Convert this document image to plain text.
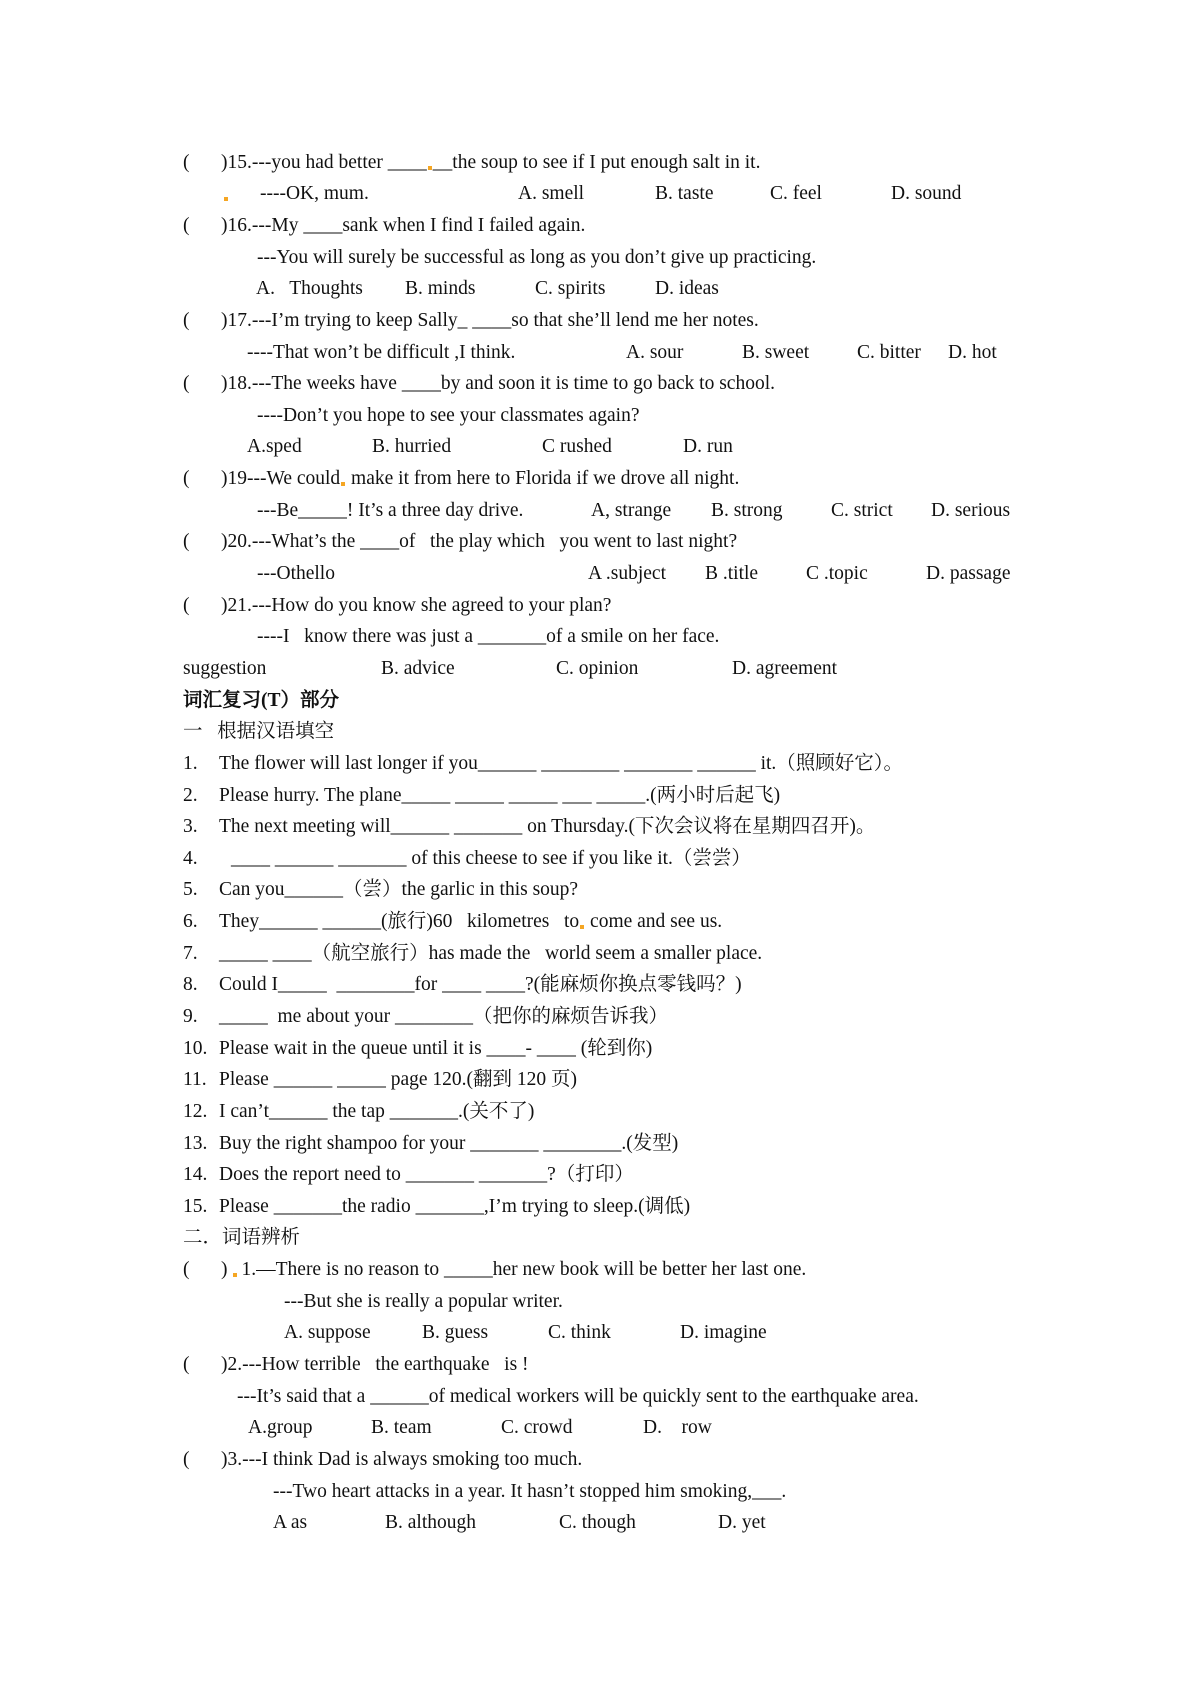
( )15.---you had better ____ __the soup to see if I put enough salt in it.
----OK, mum.	A. smell	B. taste	C. feel	D. sound
( )16.---My ____sank when I find I failed again.
---You will surely be successful as long as you don’t give up practicing.
A.   Thoughts B. minds	C. spirits	D. ideas
( )17.---I’m trying to keep Sally_ ____so that she’ll lend me her notes.
----That won’t be difficult ,I think.	A. sour	B. sweet C. bitter D. hot
( )18.---The weeks have ____by and soon it is time to go back to school.
----Don’t you hope to see your classmates again?
A.sped	B. hurried	C rushed	D. run
( )19---We could make it from here to Florida if we drove all night.
---Be_____! It’s a three day drive.	A, strange B. strong C. strict D. serious
( )20.---What’s the ____of   the play which   you went to last night?
---Othello	A .subject B .title C .topic	D. passage
( )21.---How do you know she agreed to your plan?
----I   know there was just a _______of a smile on her face.
suggestion	B. advice	C. opinion	D. agreement
词汇复习(T）部分
一   根据汉语填空
1. The flower will last longer if you______ ________ _______ ______ it.（照顾好它）。
2. Please hurry. The plane_____ _____ _____ ___ _____.(两小时后起飞)
3. The next meeting will______ _______ on Thursday.(下次会议将在星期四召开)。
4. ____ ______ _______ of this cheese to see if you like it.（尝尝）
5. Can you______（尝）the garlic in this soup?
6. They______ ______(旅行)60   kilometres   to come and see us.
7. _____ ____（航空旅行）has made the   world seem a smaller place.
8. Could I_____  ________for ____ ____?(能麻烦你换点零钱吗？)
9. _____  me about your ________（把你的麻烦告诉我）
10. Please wait in the queue until it is ____- ____ (轮到你)
11. Please ______ _____ page 120.(翻到 120 页)
12. I can’t______ the tap _______.(关不了)
13. Buy the right shampoo for your _______ ________.(发型)
14. Does the report need to _______ _______?（打印）
15. Please _______the radio _______,I’m trying to sleep.(调低)
二．词语辨析
( ) 1.—There is no reason to _____her new book will be better her last one.
---But she is really a popular writer.
A. suppose	B. guess	C. think	D. imagine
( )2.---How terrible   the earthquake   is !
---It’s said that a ______of medical workers will be quickly sent to the earthquake area.
A.group	B. team	C. crowd	D.    row
( )3.---I think Dad is always smoking too much.
---Two heart attacks in a year. It hasn’t stopped him smoking,___.
A as	B. although	C. though	D. yet
